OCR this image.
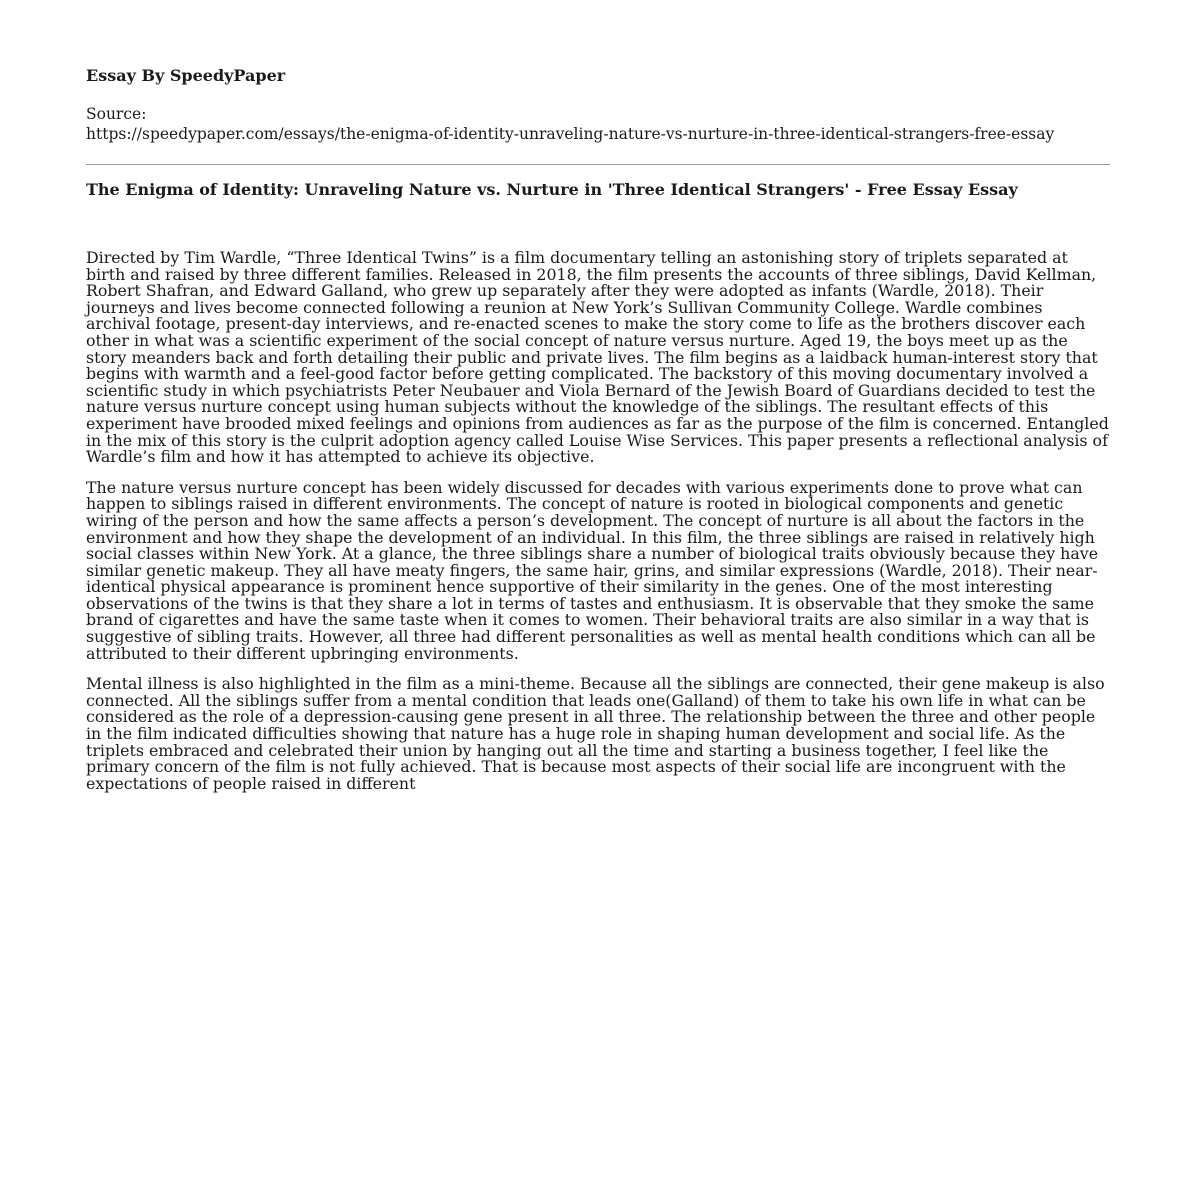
Essay By SpeedyPaper
Source:
https://speedypaper.com/essays/the-enigma-of-identity-unraveling-nature-vs-nurture-in-three-identical-strangers-free-essay
The Enigma of Identity: Unraveling Nature vs. Nurture in 'Three Identical Strangers' - Free Essay Essay

Directed by Tim Wardle, “Three Identical Twins” is a film documentary telling an astonishing story of triplets separated at birth and raised by three different families. Released in 2018, the film presents the accounts of three siblings, David Kellman, Robert Shafran, and Edward Galland, who grew up separately after they were adopted as infants (Wardle, 2018). Their journeys and lives become connected following a reunion at New York’s Sullivan Community College. Wardle combines archival footage, present-day interviews, and re-enacted scenes to make the story come to life as the brothers discover each other in what was a scientific experiment of the social concept of nature versus nurture. Aged 19, the boys meet up as the story meanders back and forth detailing their public and private lives. The film begins as a laidback human-interest story that begins with warmth and a feel-good factor before getting complicated. The backstory of this moving documentary involved a scientific study in which psychiatrists Peter Neubauer and Viola Bernard of the Jewish Board of Guardians decided to test the nature versus nurture concept using human subjects without the knowledge of the siblings. The resultant effects of this experiment have brooded mixed feelings and opinions from audiences as far as the purpose of the film is concerned. Entangled in the mix of this story is the culprit adoption agency called Louise Wise Services. This paper presents a reflectional analysis of Wardle’s film and how it has attempted to achieve its objective.

The nature versus nurture concept has been widely discussed for decades with various experiments done to prove what can happen to siblings raised in different environments. The concept of nature is rooted in biological components and genetic wiring of the person and how the same affects a person’s development. The concept of nurture is all about the factors in the environment and how they shape the development of an individual. In this film, the three siblings are raised in relatively high social classes within New York. At a glance, the three siblings share a number of biological traits obviously because they have similar genetic makeup. They all have meaty fingers, the same hair, grins, and similar expressions (Wardle, 2018). Their near-identical physical appearance is prominent hence supportive of their similarity in the genes. One of the most interesting observations of the twins is that they share a lot in terms of tastes and enthusiasm. It is observable that they smoke the same brand of cigarettes and have the same taste when it comes to women. Their behavioral traits are also similar in a way that is suggestive of sibling traits. However, all three had different personalities as well as mental health conditions which can all be attributed to their different upbringing environments.

Mental illness is also highlighted in the film as a mini-theme. Because all the siblings are connected, their gene makeup is also connected. All the siblings suffer from a mental condition that leads one(Galland) of them to take his own life in what can be considered as the role of a depression-causing gene present in all three. The relationship between the three and other people in the film indicated difficulties showing that nature has a huge role in shaping human development and social life. As the triplets embraced and celebrated their union by hanging out all the time and starting a business together, I feel like the primary concern of the film is not fully achieved. That is because most aspects of their social life are incongruent with the expectations of people raised in different
